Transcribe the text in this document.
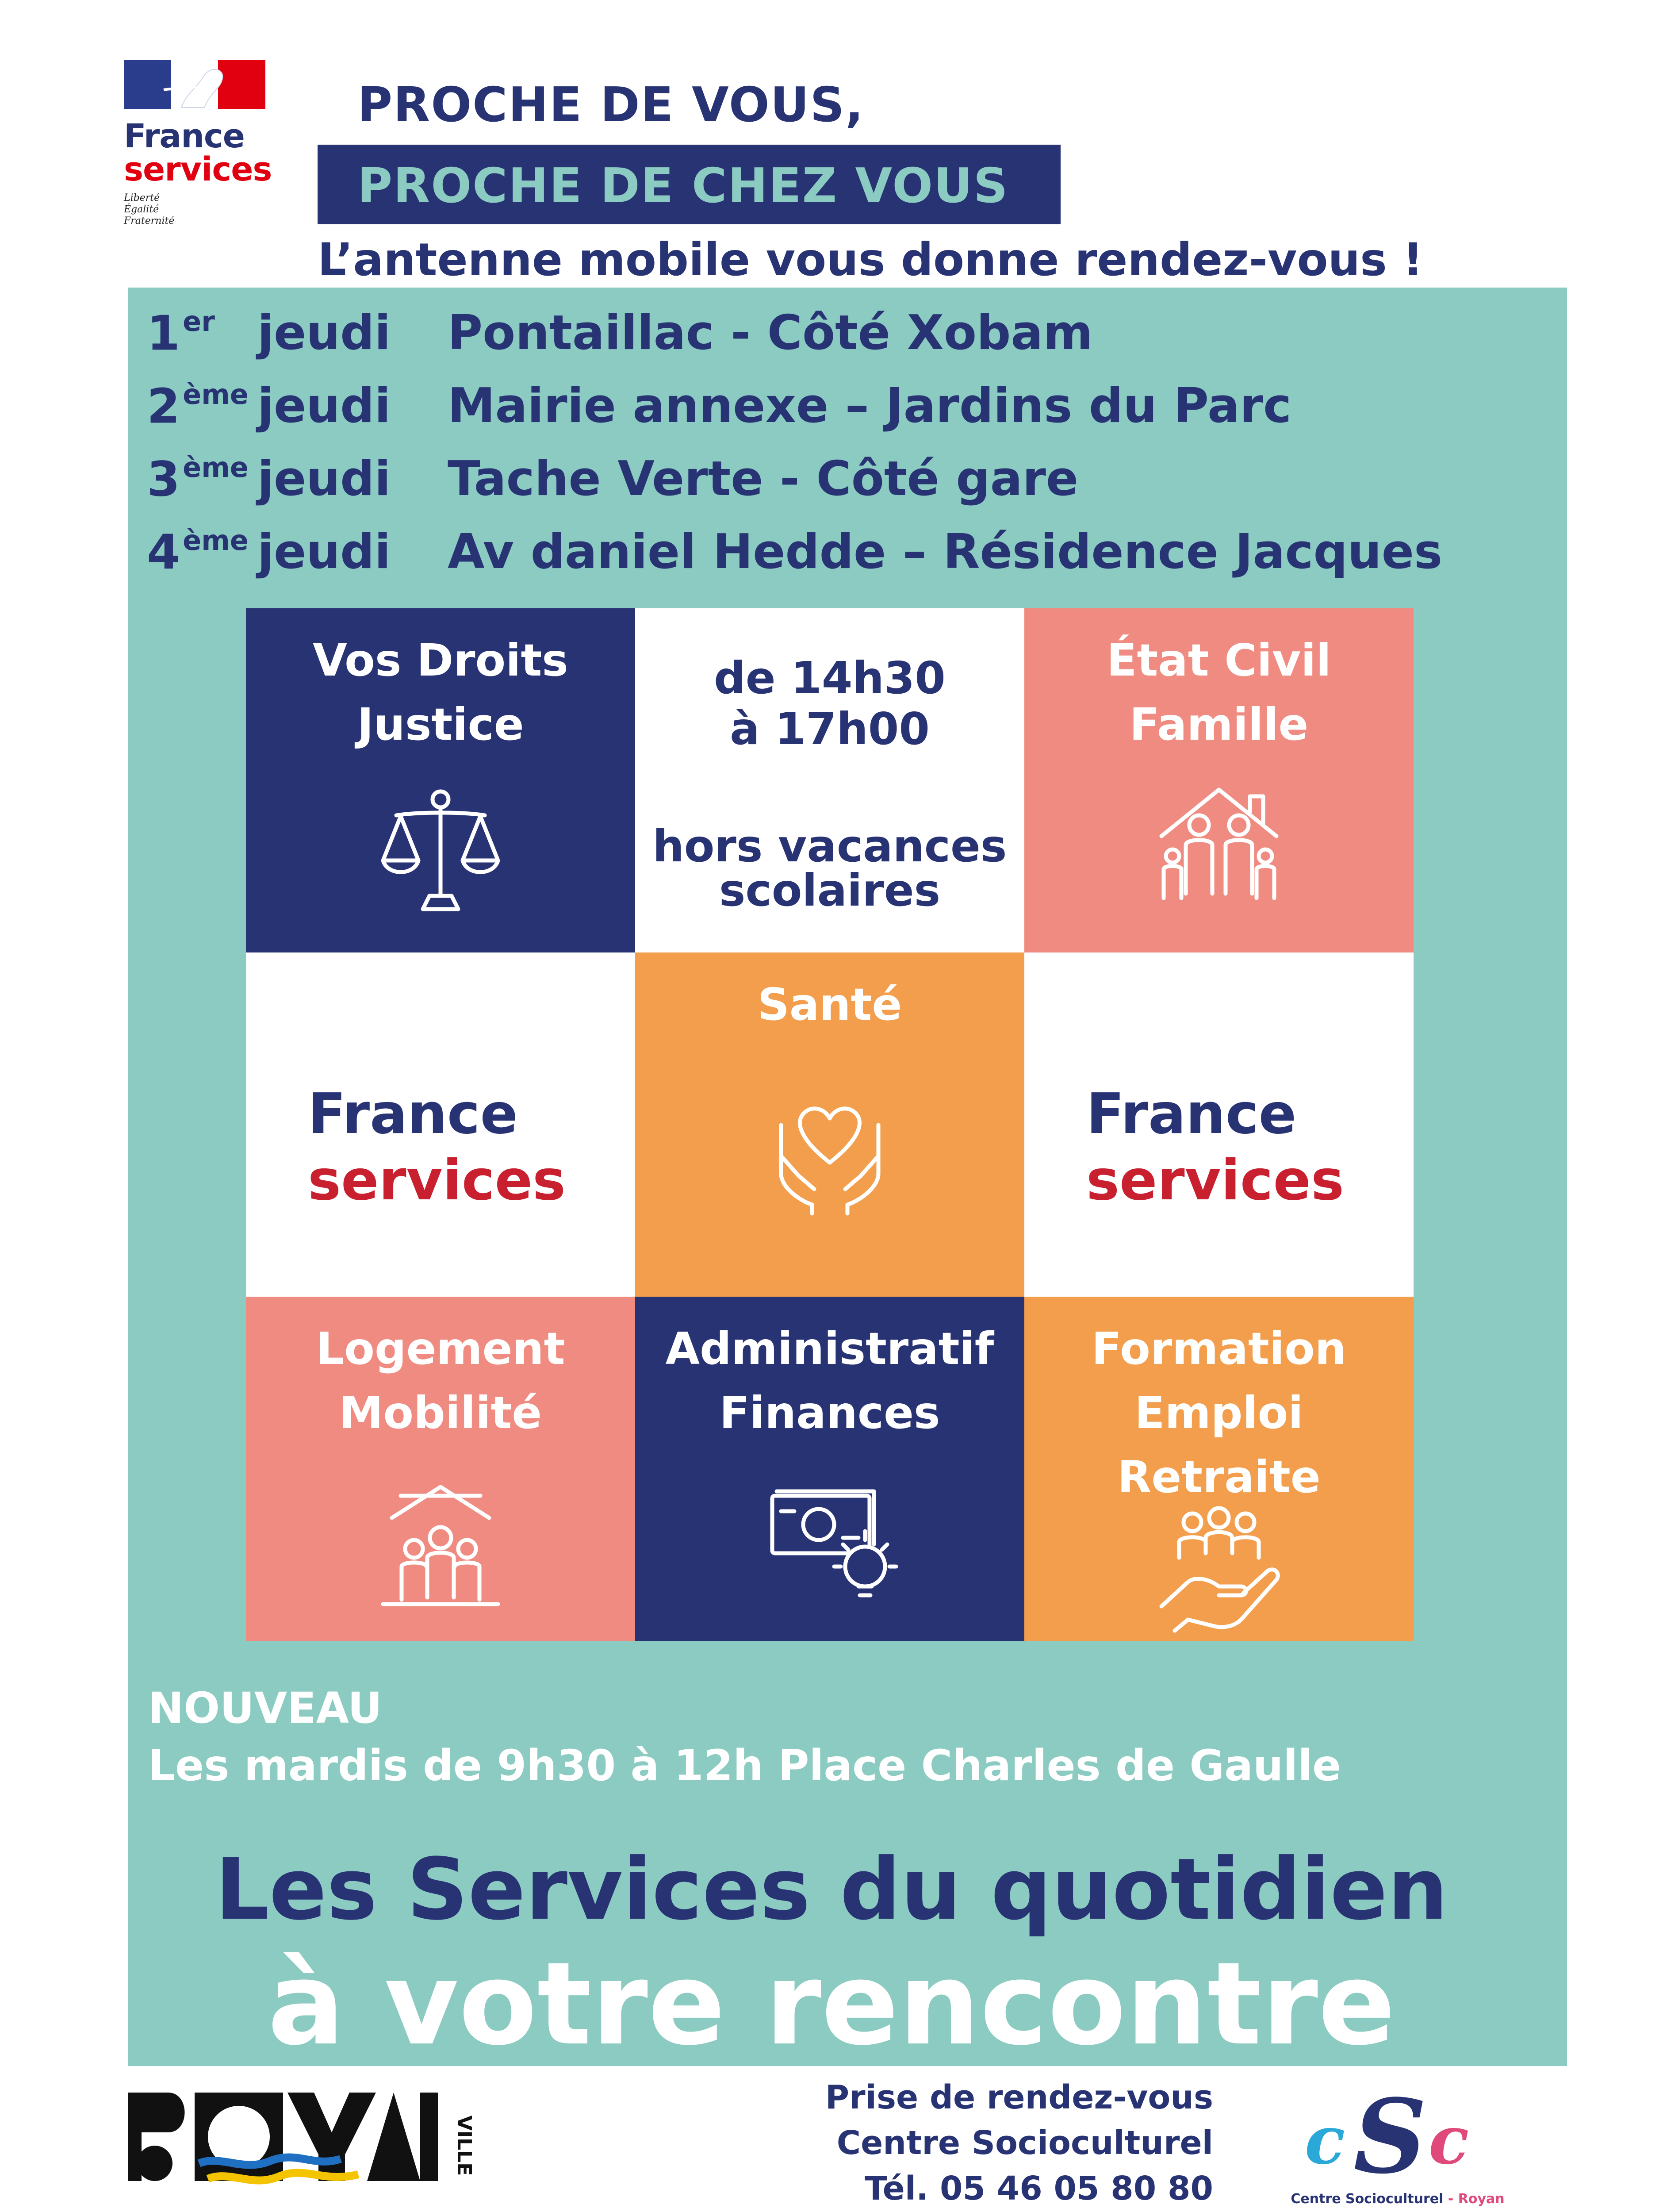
France
services
Liberté
Égalité
Fraternité
PROCHE DE VOUS,
PROCHE DE CHEZ VOUS
L’antenne mobile vous donne rendez-vous !
1er jeudi Pontaillac - Côté Xobam
2ème jeudi Mairie annexe – Jardins du Parc
3ème jeudi Tache Verte - Côté gare
4ème jeudi Av daniel Hedde – Résidence Jacques
Vos Droits
Justice
de 14h30
à 17h00
hors vacances
scolaires
État Civil
Famille
France
services
Santé
France
services
Logement
Mobilité
Administratif
Finances
Formation
Emploi
Retraite
NOUVEAU
Les mardis de 9h30 à 12h Place Charles de Gaulle
Les Services du quotidien
à votre rencontre
VILLE
Prise de rendez-vous
Centre Socioculturel
Tél. 05 46 05 80 80
c S c
Centre Socioculturel - Royan
